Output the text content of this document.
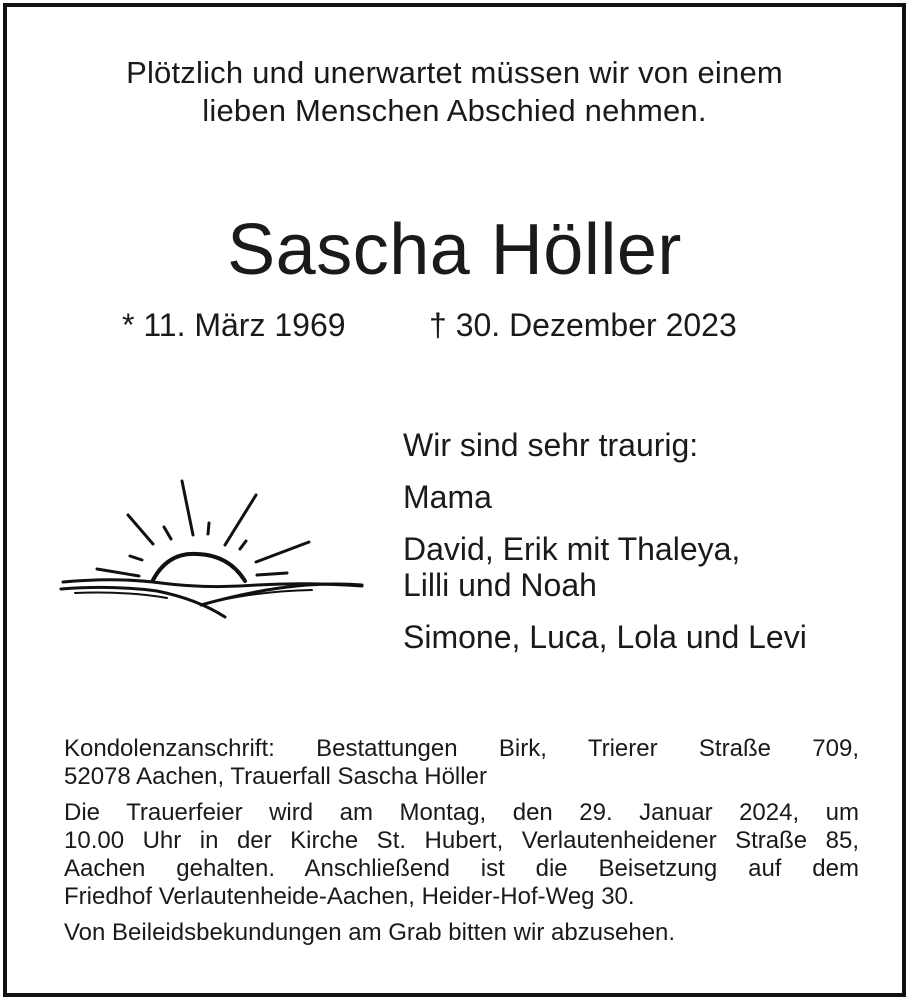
Plötzlich und unerwartet müssen wir von einem
lieben Menschen Abschied nehmen.
Sascha Höller
* 11. März 1969	† 30. Dezember 2023
Wir sind sehr traurig:
Mama
David, Erik mit Thaleya,
Lilli und Noah
Simone, Luca, Lola und Levi
Kondolenzanschrift: Bestattungen Birk, Trierer Straße 709,
52078 Aachen, Trauerfall Sascha Höller
Die Trauerfeier wird am Montag, den 29. Januar 2024, um
10.00 Uhr in der Kirche St. Hubert, Verlautenheidener Straße 85,
Aachen gehalten. Anschließend ist die Beisetzung auf dem
Friedhof Verlautenheide-Aachen, Heider-Hof-Weg 30.
Von Beileidsbekundungen am Grab bitten wir abzusehen.
